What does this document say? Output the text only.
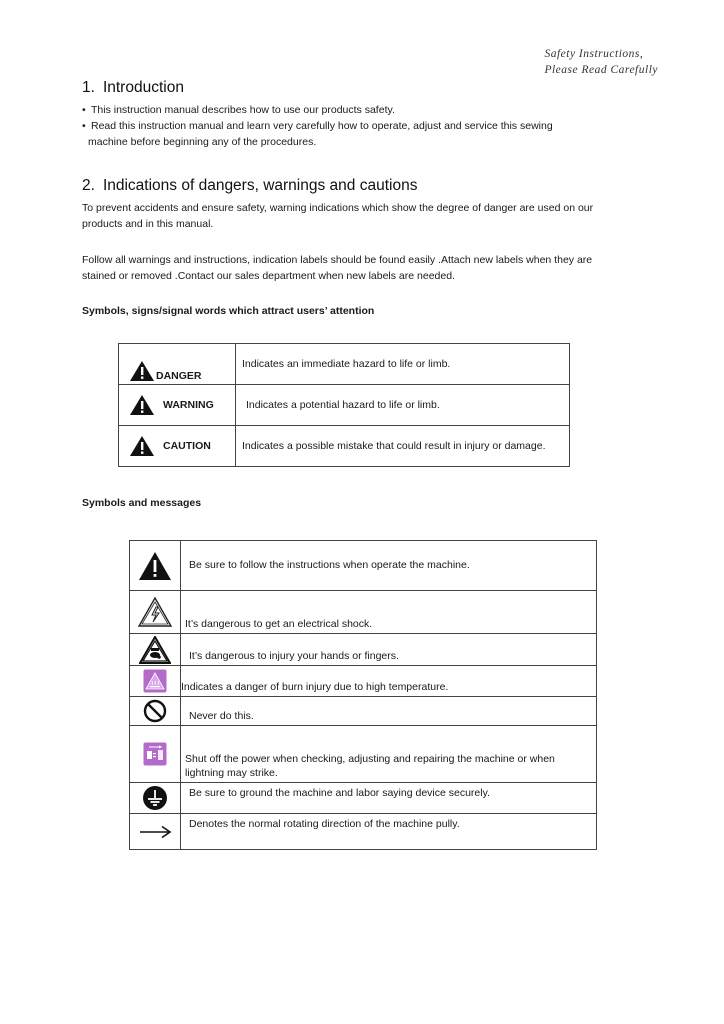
Safety Instructions,
Please Read Carefully
1. Introduction
• This instruction manual describes how to use our products safety.
• Read this instruction manual and learn very carefully how to operate, adjust and service this sewing
machine before beginning any of the procedures.
2. Indications of dangers, warnings and cautions

To prevent accidents and ensure safety, warning indications which show the degree of danger are used on our
products and in this manual.

Follow all warnings and instructions, indication labels should be found easily .Attach new labels when they are
stained or removed .Contact our sales department when new labels are needed.

Symbols, signs/signal words which attract users’ attention

DANGER	Indicates an immediate hazard to life or limb.

WARNING	Indicates a potential hazard to life or limb.

CAUTION	Indicates a possible mistake that could result in injury or damage.

Symbols and messages

	Be sure to follow the instructions when operate the machine.
	It’s dangerous to get an electrical shock.
	It’s dangerous to injury your hands or fingers.
	Indicates a danger of burn injury due to high temperature.
	Never do this.
	Shut off the power when checking, adjusting and repairing the machine or when lightning may strike.
	Be sure to ground the machine and labor saying device securely.
	Denotes the normal rotating direction of the machine pully.
